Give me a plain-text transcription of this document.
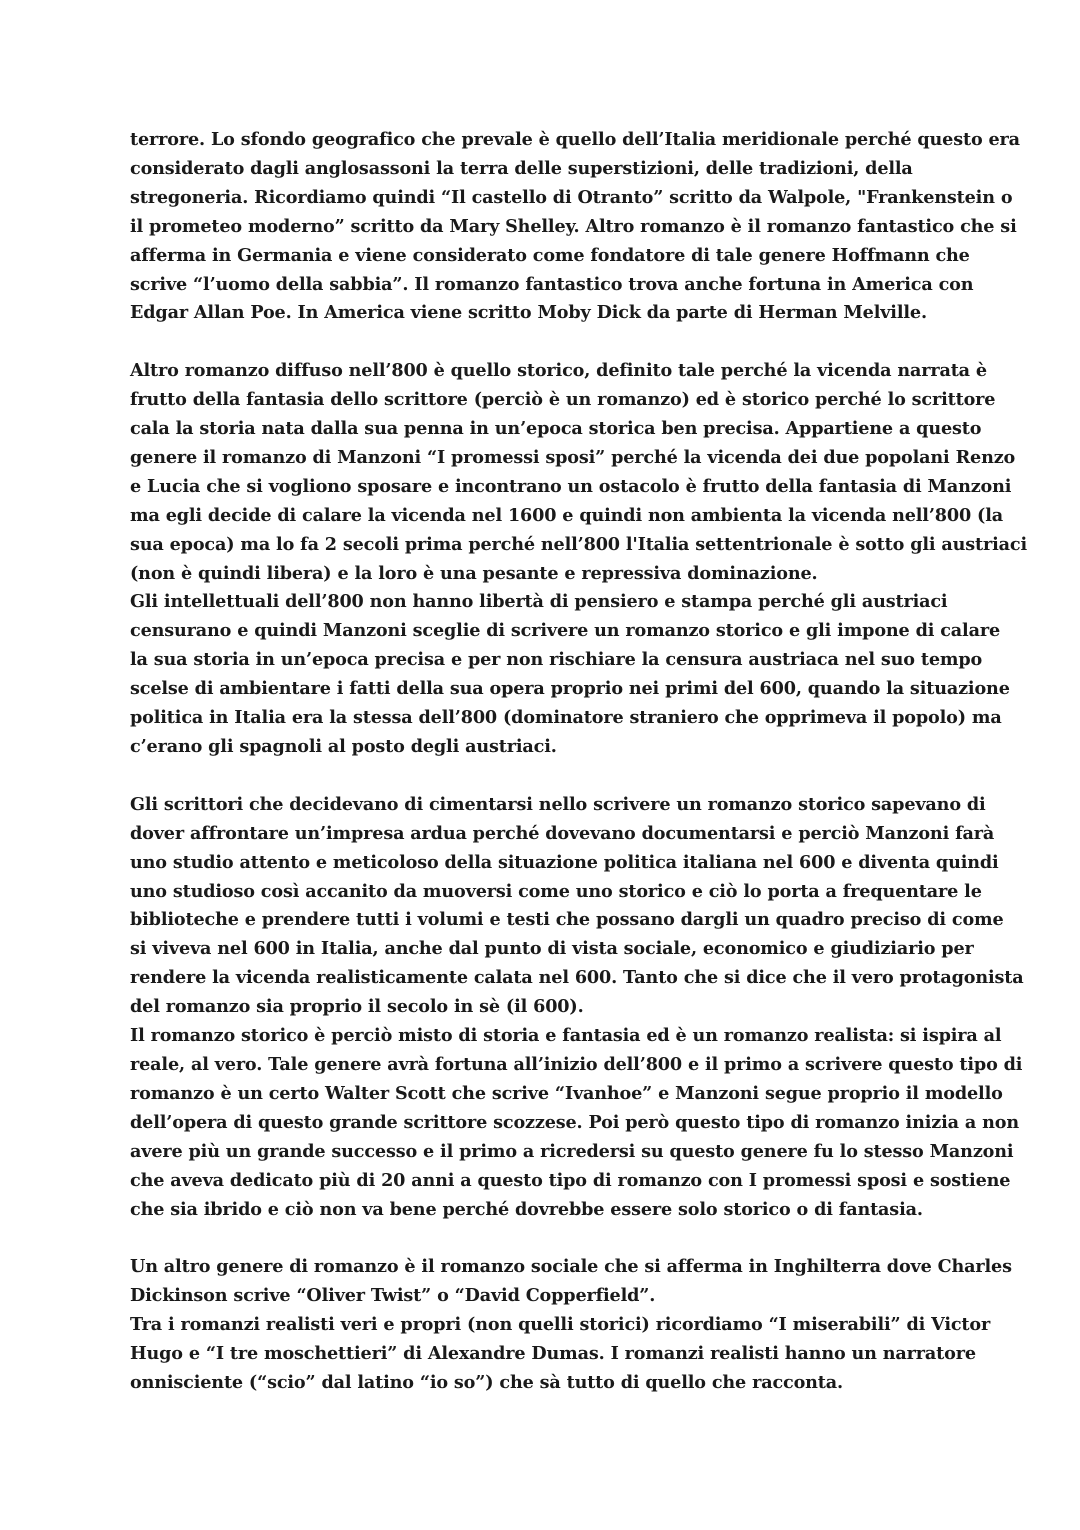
terrore. Lo sfondo geografico che prevale è quello dell’Italia meridionale perché questo era
considerato dagli anglosassoni la terra delle superstizioni, delle tradizioni, della
stregoneria. Ricordiamo quindi “Il castello di Otranto” scritto da Walpole, "Frankenstein o
il prometeo moderno” scritto da Mary Shelley. Altro romanzo è il romanzo fantastico che si
afferma in Germania e viene considerato come fondatore di tale genere Hoffmann che
scrive “l’uomo della sabbia”. Il romanzo fantastico trova anche fortuna in America con
Edgar Allan Poe. In America viene scritto Moby Dick da parte di Herman Melville.
Altro romanzo diffuso nell’800 è quello storico, definito tale perché la vicenda narrata è
frutto della fantasia dello scrittore (perciò è un romanzo) ed è storico perché lo scrittore
cala la storia nata dalla sua penna in un’epoca storica ben precisa. Appartiene a questo
genere il romanzo di Manzoni “I promessi sposi” perché la vicenda dei due popolani Renzo
e Lucia che si vogliono sposare e incontrano un ostacolo è frutto della fantasia di Manzoni
ma egli decide di calare la vicenda nel 1600 e quindi non ambienta la vicenda nell’800 (la
sua epoca) ma lo fa 2 secoli prima perché nell’800 l'Italia settentrionale è sotto gli austriaci
(non è quindi libera) e la loro è una pesante e repressiva dominazione.
Gli intellettuali dell’800 non hanno libertà di pensiero e stampa perché gli austriaci
censurano e quindi Manzoni sceglie di scrivere un romanzo storico e gli impone di calare
la sua storia in un’epoca precisa e per non rischiare la censura austriaca nel suo tempo
scelse di ambientare i fatti della sua opera proprio nei primi del 600, quando la situazione
politica in Italia era la stessa dell’800 (dominatore straniero che opprimeva il popolo) ma
c’erano gli spagnoli al posto degli austriaci.
Gli scrittori che decidevano di cimentarsi nello scrivere un romanzo storico sapevano di
dover affrontare un’impresa ardua perché dovevano documentarsi e perciò Manzoni farà
uno studio attento e meticoloso della situazione politica italiana nel 600 e diventa quindi
uno studioso così accanito da muoversi come uno storico e ciò lo porta a frequentare le
biblioteche e prendere tutti i volumi e testi che possano dargli un quadro preciso di come
si viveva nel 600 in Italia, anche dal punto di vista sociale, economico e giudiziario per
rendere la vicenda realisticamente calata nel 600. Tanto che si dice che il vero protagonista
del romanzo sia proprio il secolo in sè (il 600).
Il romanzo storico è perciò misto di storia e fantasia ed è un romanzo realista: si ispira al
reale, al vero. Tale genere avrà fortuna all’inizio dell’800 e il primo a scrivere questo tipo di
romanzo è un certo Walter Scott che scrive “Ivanhoe” e Manzoni segue proprio il modello
dell’opera di questo grande scrittore scozzese. Poi però questo tipo di romanzo inizia a non
avere più un grande successo e il primo a ricredersi su questo genere fu lo stesso Manzoni
che aveva dedicato più di 20 anni a questo tipo di romanzo con I promessi sposi e sostiene
che sia ibrido e ciò non va bene perché dovrebbe essere solo storico o di fantasia.
Un altro genere di romanzo è il romanzo sociale che si afferma in Inghilterra dove Charles
Dickinson scrive “Oliver Twist” o “David Copperfield”.
Tra i romanzi realisti veri e propri (non quelli storici) ricordiamo “I miserabili” di Victor
Hugo e “I tre moschettieri” di Alexandre Dumas. I romanzi realisti hanno un narratore
onnisciente (“scio” dal latino “io so”) che sà tutto di quello che racconta.
